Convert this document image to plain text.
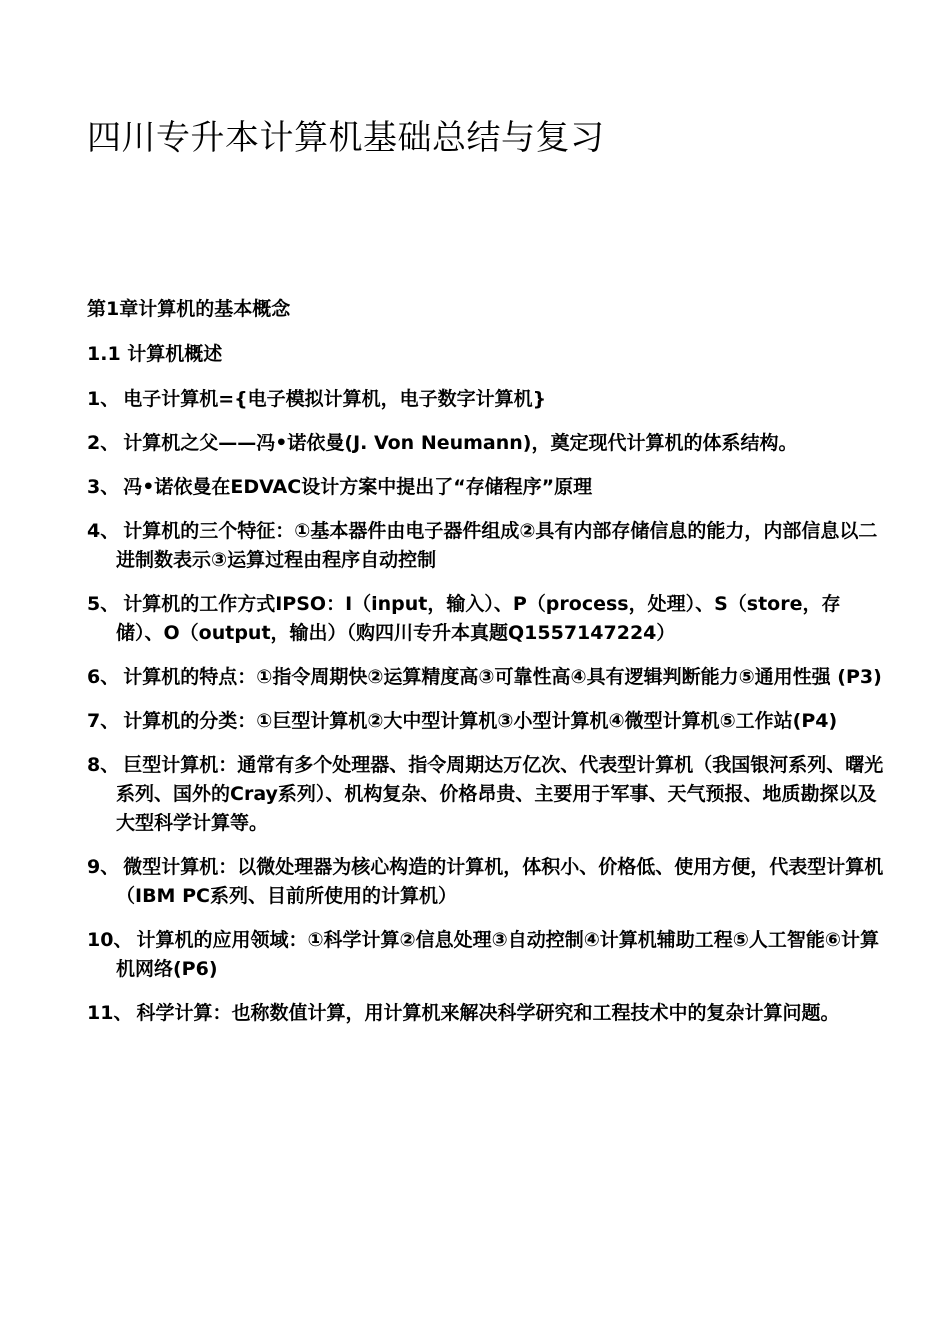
四川专升本计算机基础总结与复习

第1章计算机的基本概念

1.1 计算机概述

1、 电子计算机={电子模拟计算机，电子数字计算机}
2、 计算机之父——冯•诺依曼(J. Von Neumann)，奠定现代计算机的体系结构。
3、 冯•诺依曼在EDVAC设计方案中提出了“存储程序”原理
4、 计算机的三个特征：①基本器件由电子器件组成②具有内部存储信息的能力，内部信息以二进制数表示③运算过程由程序自动控制
5、 计算机的工作方式IPSO：I（input，输入）、P（process，处理）、S（store，存储）、O（output，输出）（购四川专升本真题Q1557147224）
6、 计算机的特点：①指令周期快②运算精度高③可靠性高④具有逻辑判断能力⑤通用性强 (P3)
7、 计算机的分类：①巨型计算机②大中型计算机③小型计算机④微型计算机⑤工作站(P4)
8、 巨型计算机：通常有多个处理器、指令周期达万亿次、代表型计算机（我国银河系列、曙光系列、国外的Cray系列）、机构复杂、价格昂贵、主要用于军事、天气预报、地质勘探以及大型科学计算等。
9、 微型计算机：以微处理器为核心构造的计算机，体积小、价格低、使用方便，代表型计算机（IBM PC系列、目前所使用的计算机）
10、 计算机的应用领域：①科学计算②信息处理③自动控制④计算机辅助工程⑤人工智能⑥计算机网络(P6)
11、 科学计算：也称数值计算，用计算机来解决科学研究和工程技术中的复杂计算问题。
